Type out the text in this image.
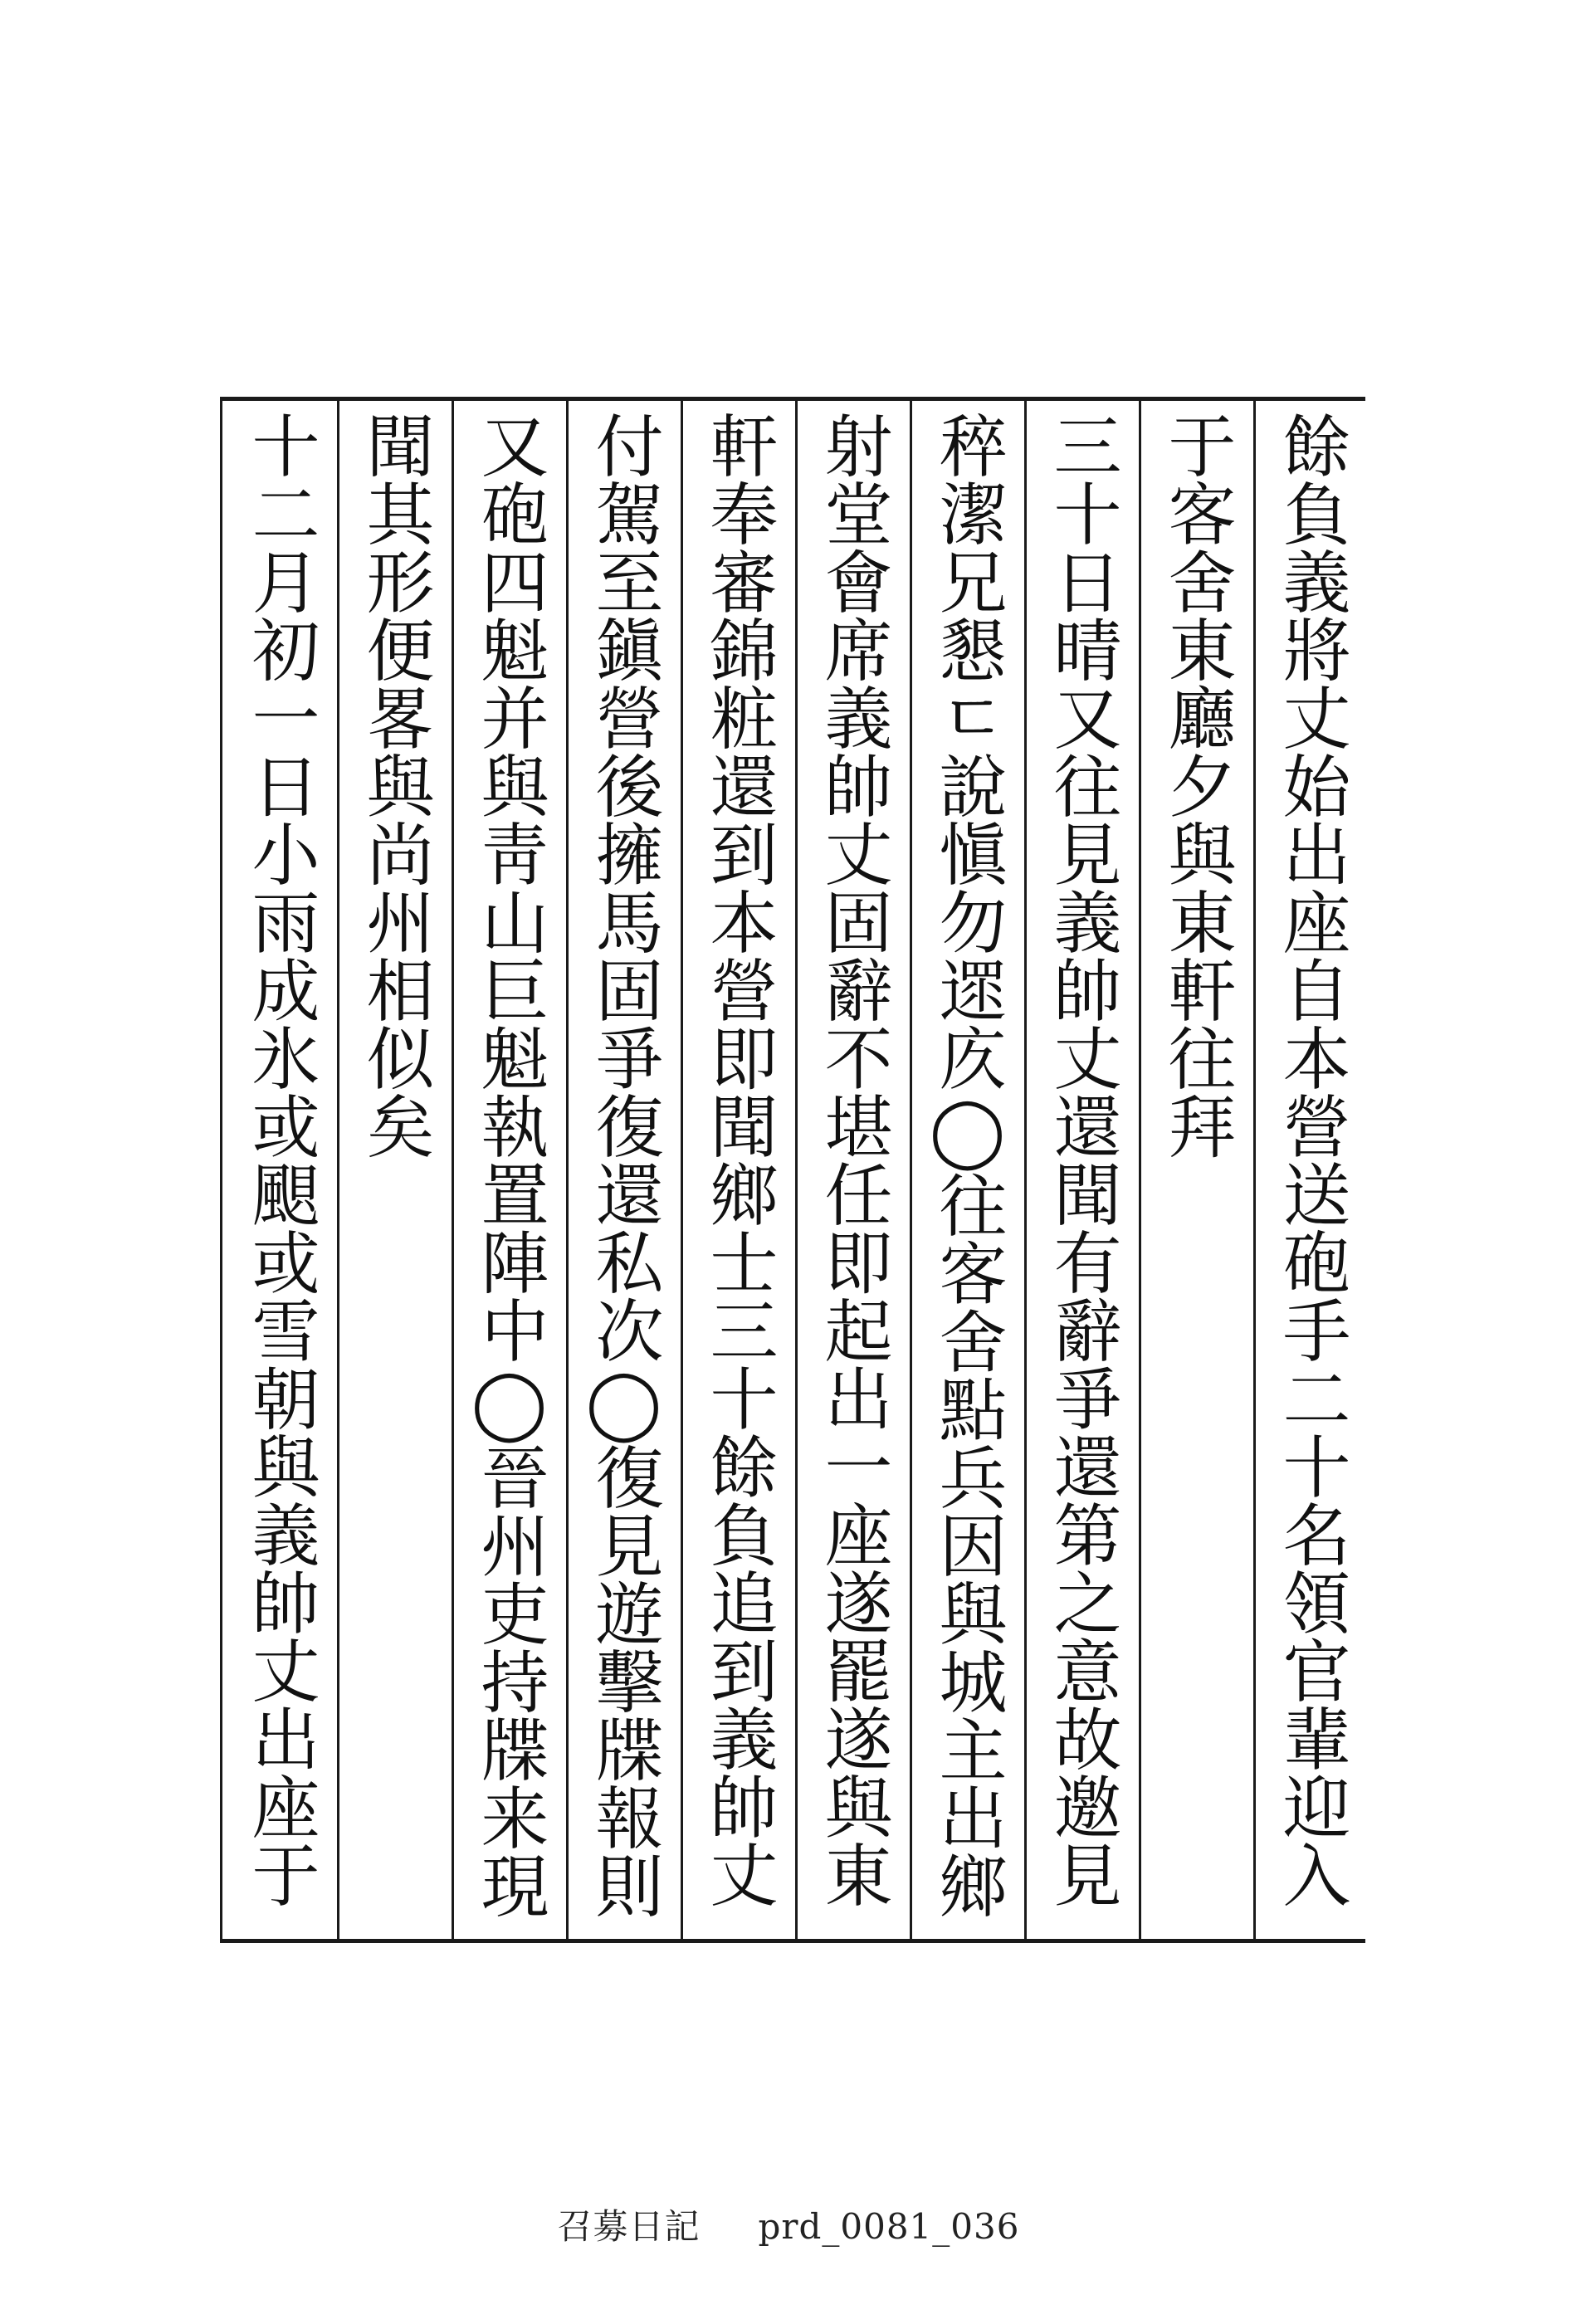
餘負義將丈始出座自本營送砲手二十名領官輩迎入
于客舍東廳夕與東軒往拜
三十日晴又往見義帥丈還聞有辭爭還第之意故邀見
稡潔兄懇ㄷ說愼勿遝㡱◯往客舍點兵因與城主出鄉
射堂會席義帥丈固辭不堪任即起出一座遂罷遂與東
軒奉審錦粧還到本營即聞鄉士三十餘負追到義帥丈
付駕至鎭營後擁馬固爭復還私次◯復見遊擊牒報則
又砲四魁并與靑山巨魁執置陣中◯晉州吏持牒来現
聞其形便畧與尚州相似矣
十二月初一日小雨成氷或𩗗或雪朝與義帥丈出座于
召募日記 prd_0081_036
